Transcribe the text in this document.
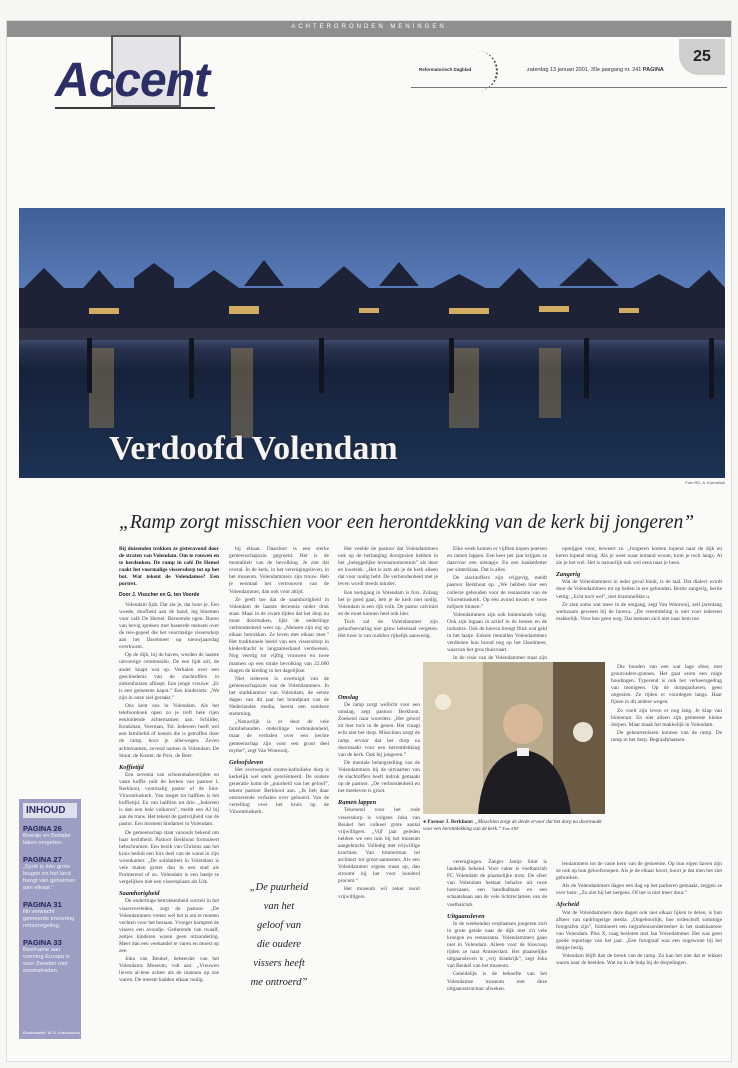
ACHTERGRONDEN MENINGEN
Accent	Reformatorisch Dagblad	zaterdag 13 januari 2001, 30e jaargang nr. 241 PAGINA
25
Verdoofd Volendam
Foto RD, A. Kormelink
„Ramp zorgt misschien voor een herontdekking van de kerk bij jongeren”

Bij duizenden trokken ze gisteravond door de straten van Volendam. Om te rouwen en te herdenken. De ramp in café De Hemel raakt het voormalige vissersdorp tot op het bot. Wat tekent de Volendamse? Een portret.

Door J. Visscher en G. ten Voorde

Volendam lijdt. Dat zie je, dat hoor je. Een woede, doofheid aan de hand, leg bloemen voor café De Hemel. Beroemde ogen. Buren van hevig spreken met baseerde mensen over de reis-gepeel die het voormalige vissersdorp aan het IJsselmeer op nieuwjaarsdag overkwam.

Op de dijk, bij de haven, worden de laatste uitvoerige ceremoniën. De een lijdt stil, de ander knapt wat op. Verhalen over een geschiedenis van de slachtoffers in ziekenhuizen afloopt. Een jonge vrouwe: „Er is een gemeente kapot.” Een kinderarts: „We zijn in onze ziel geraakt.”

Ons kent ons in Volendam. Als het telefoonboek open zo je treft hele rijen eenluidende achternamen aan. Schilder, Koukman, Veerman, Tol. Iedereen heeft wel een familielid of kennis die is getroffen door de ramp, hoor je allerwegen. Zeven achternamen, zevend namen in Volendam. De Stuut, de Koster, de Pors, de Beer.

Koffietijd

Een zeventa van schoenmakerstijden en vaste koffie ruilt de kerken van pastoor I. Berkhout, voormalig pastor of de Sint-Vincentiuskerk. Van meget tot halftien is het koffietijd. En van halftien tot drie. „Iedereen is dan een hele volkoren”, meldt een AJ bij aan de trans. Het tekent de gastvrijheid van de pastor. Een moment hindamer in Volendam.

De gemeenschap staat vanouds bekend om haar hechtheid. Pastoor Berkhout formuleert hebschramen. Een bezik van Christus aan het kruis beduit een fors deel van de wand in zijn woonkamer. „De solidariteit in Volendam is vele malen groter dan in een stad als Purmerend of zo. Volendam is een bastje te vergelijken met een vissersplaats als Urk.

Saamhorigheid

De onderlinge betrokkenheid wortelt in het vissersverleden, zegt de pastoor. „De Volendammers vreten wel het is om te moeten vechten voor het bestaan. Vroeger kompten de vissers een avondje. Gedurende van twaalf, zeitjes kinderen waren geen uitzondering. Meer dan een veehandel te varen en moest op zee.

Joka van Beukel, beheerder van het Volendams Museum, vult aan: „Vrouwen lieven al-lene achter als de mannen op zee waren. De meeste hadden elkaar nodig.

bij elkaar. Daardoor is een sterke gemeenschapszin gegroeid. Het is de mentaliteit van de bevolking. Je ziet dat overal. In de kerk, in het verenigingsleven, in het museum. Volendammers zijn trouw. Heb je eenmaal het vertrouwen van de Volendammer, dan ook voor altijd.

Ze geeft toe dat de saamhorigheid in Volendam de laatste decennia onder druk staat. Maar in de zware tijden dat het dorp nu moet doormaken, lijkt de onderlinge verbondenheid weer op. „Mensen zijn erg op elkaar betrokken. Ze leven met elkaar mee.” Het traditionele beeld van een vissersdorp in klederdracht is langzamerhand verdwenen. Nog veertig tot vijftig vrouwen en twee mannen op een totale bevolking van 22.000 dragen de kleding in het dagelijkse.

Niet iedereen is overtuigd van de gemeenschapszin van de Volendammers. In het stadskantoor van Volendam, de eerste dagen van dit jaar het brandpunt van de Nederlandse media, heerst een sombere stemming.

„Natuurlijk is er door de vele familiebanden onderlinge verbondenheid, maar de verhalen over een hechte gemeenschap zijn voor een groot deel mythe”, zegt Van Wonrooij.

Geloofsleven

Het overwegend rooms-katholieke dorp is kerkelijk wel sterk georiënteerd. De oudere generatie komt de „puurheid van het geloof”, tekent pastoor Berkhout aan. „Ik heb daar ontroerende verhalen over gehoord. Van de vertelling over het kruis op de Vincentiuskerk.

„De puurheid
van het
geloof van
die oudere
vissers heeft
me ontroerd”

Het voelde de pastoor dat Volendammers ook op de herlanging doorgezien hebben in het „beleggelijke levensmomentum” als door en kwetsbk. „Het is arm als je de kerk alleen dat voor nodig hebt. De verbondenheid met je leven wordt steeds minder.

Een kerkgang in Volendam is fors. Zolang het je goed gaat, heb je de kerk niet nodig. Volendam is een rijk volk. De pastor calvinist en de moet kunnen heel ook hier.

Toch zal de Volendammer zijn geloofservaring niet gauw helemaal vergeten. Het koor is van oudsher rijkelijk aanwezig.

Elke week komen er vijftien kopen poetsen en ramen lappen. Een keer per jaar krijgen ze daarvoor een uitstapje. En een banketletter per sinterklaas. Dat is alles.

De slachtoffers zijn vrijgevig, meldt pastoor Berkhout op. „We hebben hier een collecte gehouden voor de restauratie van de Vincentiuskerk. Op één avond kwam er twee miljoen binnen.”

Volendammers zijn ook buitenlands velig. Ook zijn ingaan in actief in de besten en de industrie. Ook de horeca brengt flink wat geld in het laatje. Enkele tientallen Volendammers verdienen hun brood nog op het IJsselmeer, waarvan het gros thuisvaart.

In de visie van de Volendammer staat zijn

Omslag

De ramp zorgt wellicht voor een omslag, zegt pastoor Berkhout. Zoekend naar woorden: „Het geloof zit hier toch in de genen. Het vraagt echt niet het dorp. Misschien zorgt de ramp ervoor dat het dorp na doormaakt voor een herontdekking van de kerk. Ook bij jongeren.”

De mentale belangstelling van de Volendammers bij de uitvaarten van de slachtoffers heeft indruk gemaakt op de pastoor. „De verbondenheid en het meeleven is groot.

Ramen lappen

Tekenend voor het rode vissersdorp is volgens Joka van Beukel het volkeel grote aantal vrijwilligers. „Vijf jaar geleden hebben we een tuin bij het museum aangebracht. Volledig met vrijwillige krachten. Van timmerman tot architect tot groot-aannemer. Als een Volendammer ergens traan op, dan stroomt hij het voor honderd procent.”

Het museum wil zeker nooit vrijwilligers.

● Pastoor J. Berkhout: „Misschien zorgt de derde ervoor dat het dorp na doormaakt voor een herontdekking van de kerk.” Foto ANP

verenigingen. Zanger Jantje Smit is landelijk bekend. Voor vaker is voetbalclub FC Volendam de plaatselijke trots. De sfeer van Volendam bestaat behalve uit twee horecaans, een handbalbaan en een schaatsbaan aan de vele lichtreclamen van de voetbalclub.

Uitgaansleven

In de weekenden verplaatsen jongeren zich in grote getale naar de dijk met z'n vele kroegen en restaurants. Volendammers gaan niet in Volendam. Alleen voor de bioscoop rijden ze naar Amsterdam. Het plaatselijke uitgaansleven is „vrij drankrijk”, zegt Joka van Beukel van het museum.

Geleidelijk is de behoefte van het Volendamse museum met deze uitgaansstructuur afweken.

opmijgen voor, beweert ze. „Jongeren komen lopend naar de dijk en keren lopend terug. Als je weet waar iemand woont, kom je toch langs. Al zie je het wel. Het is natuurlijk ook wel eens naar je heen.

Zangerig

Wat de Volendammers in ieder geval bindt, is de taal. Dat dialect wordt door de Volendammers tot op heden in ere gehouden. Bertie zangerig, bertie vettig: „Echt toch wel”, met brammelikte u.

Ze zien soms wat meer in de omgang, zegt Van Wonrooij, zelf jarenlang werkzaam geweest bij de horeca. „De vreemdeling is niet voor iedereen makkelijk. Voor hen geen weg. Dat mensen zich niet naar hem toe.

Die houden van een wat lage sfeer, met grootvaders-gunnen. Het gaat erom een ruige houdingen. Typerend is ook het verkeersgedrag van menigeen. Op de dorpsparkeren, geen ongezien. Ze rijden er voordegen langs. Haar fijnen in dit andere wegen.

Zo voelt zijn leven er nog lang. Je klap van binnenuit. En niet alleen zijn gemeente kleine dorpen. Maar maak het makkelijk in Volendam.

De gebeurtenissen kunnen van de ramp. De ramp in het dorp. Begraafplaatsen.

lendammers tot de vaste kern van de gemeente. Op hun eigen haven zijn ze ook op hun geloofsroepen. Als je de elkaar hoort, hoort je dat men het ziet gebruiken.

Als de Volendammers dagen een dag op het parkeren gemaakt, zeggen ze over hem: „Zo ziet hij het nergens. Of het is niet meer duur.”

Afscheid

Wat de Volendammers deze dagen ook niet elkaar lijken te delen, is hun afkeer van opdringerige media. „Ongehoorlijk, hoe ordeschoft sommige fotografen zijn”, fulmineert een begrafenisondernemer in het stadskantoor van Volendam. Plus X, vaag besloten met Jan Volendammer. Het was geen goede reportage van het jaar. „Een fotograaf was een ongewone bij het dorpje bezig.

Volendam blijft dan de breuk van de ramp. Zo kan het niet dat er lekken waren naar de beelden. Wat nu in de hulp bij de dorpelingen.

INHOUD
PAGINA 26
Boertje en Bettake laken vergeten.
PAGINA 27
„Syrië is één grote leugen en het land hangt van geheimen aan elkaar.”
PAGINA 31
Nil verwacht gemeerde invoering retourregeling.
PAGINA 33
Beelname aan vorming Europa is voor Zweden niet onomstreden.
Eindredactie: W. B. Kranendonk
